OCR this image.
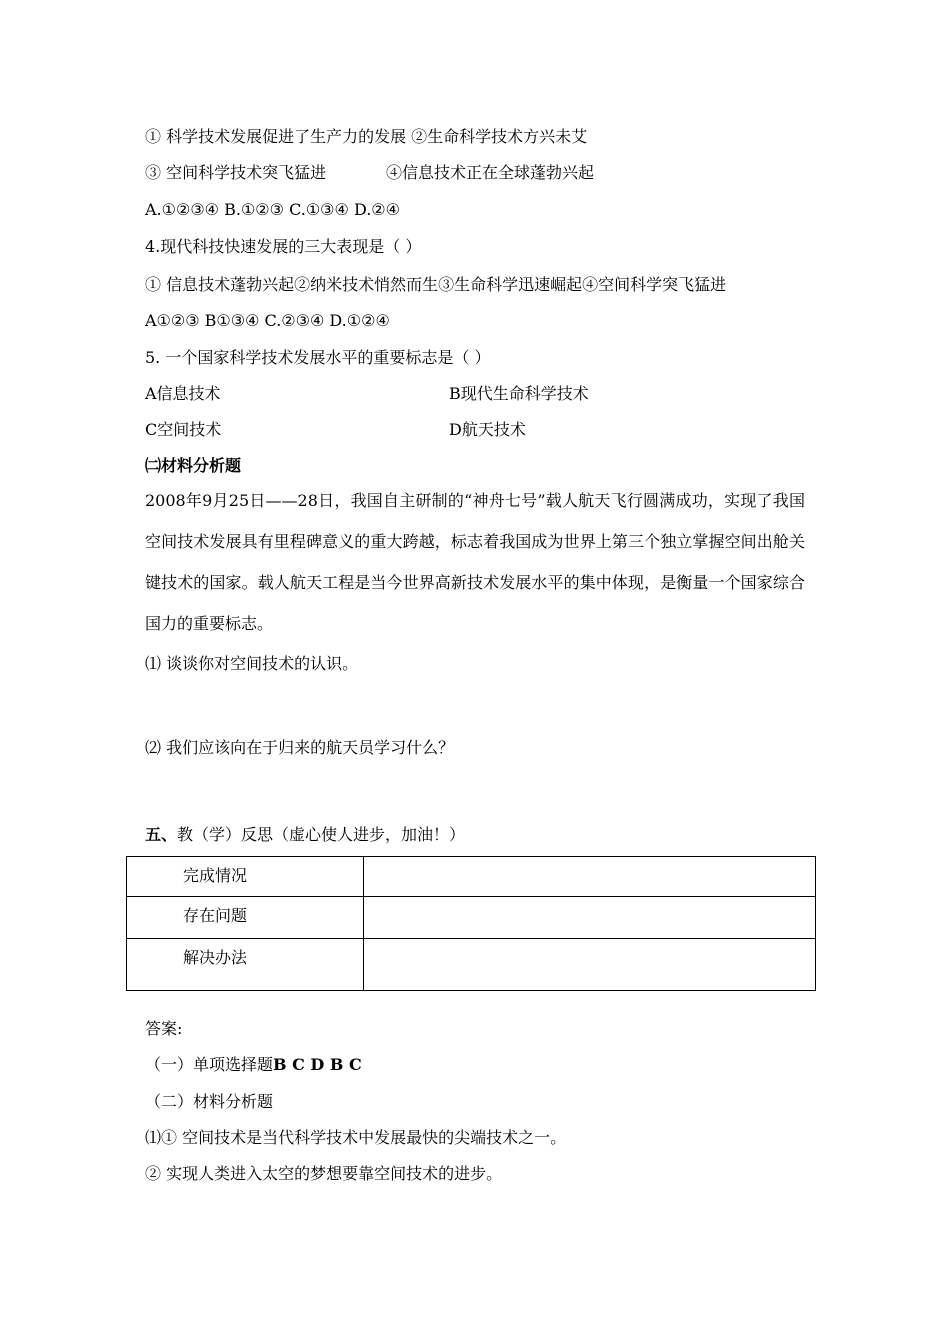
① 科学技术发展促进了生产力的发展 ②生命科学技术方兴未艾
③ 空间科学技术突飞猛进	④信息技术正在全球蓬勃兴起
A.①②③④ B.①②③ C.①③④ D.②④
4.现代科技快速发展的三大表现是（ ）
① 信息技术蓬勃兴起②纳米技术悄然而生③生命科学迅速崛起④空间科学突飞猛进
A①②③ B①③④ C.②③④ D.①②④
5. 一个国家科学技术发展水平的重要标志是（ ）
A信息技术	B现代生命科学技术
C空间技术	D航天技术
㈡材料分析题
2008年9月25日——28日，我国自主研制的“神舟七号”载人航天飞行圆满成功，实现了我国空间技术发展具有里程碑意义的重大跨越，标志着我国成为世界上第三个独立掌握空间出舱关键技术的国家。载人航天工程是当今世界高新技术发展水平的集中体现，是衡量一个国家综合国力的重要标志。
⑴ 谈谈你对空间技术的认识。
⑵ 我们应该向在于归来的航天员学习什么？
五、教（学）反思（虚心使人进步，加油！）
完成情况	
存在问题	
解决办法	
答案:
（一）单项选择题B C D B C
（二）材料分析题
⑴① 空间技术是当代科学技术中发展最快的尖端技术之一。
② 实现人类进入太空的梦想要靠空间技术的进步。
